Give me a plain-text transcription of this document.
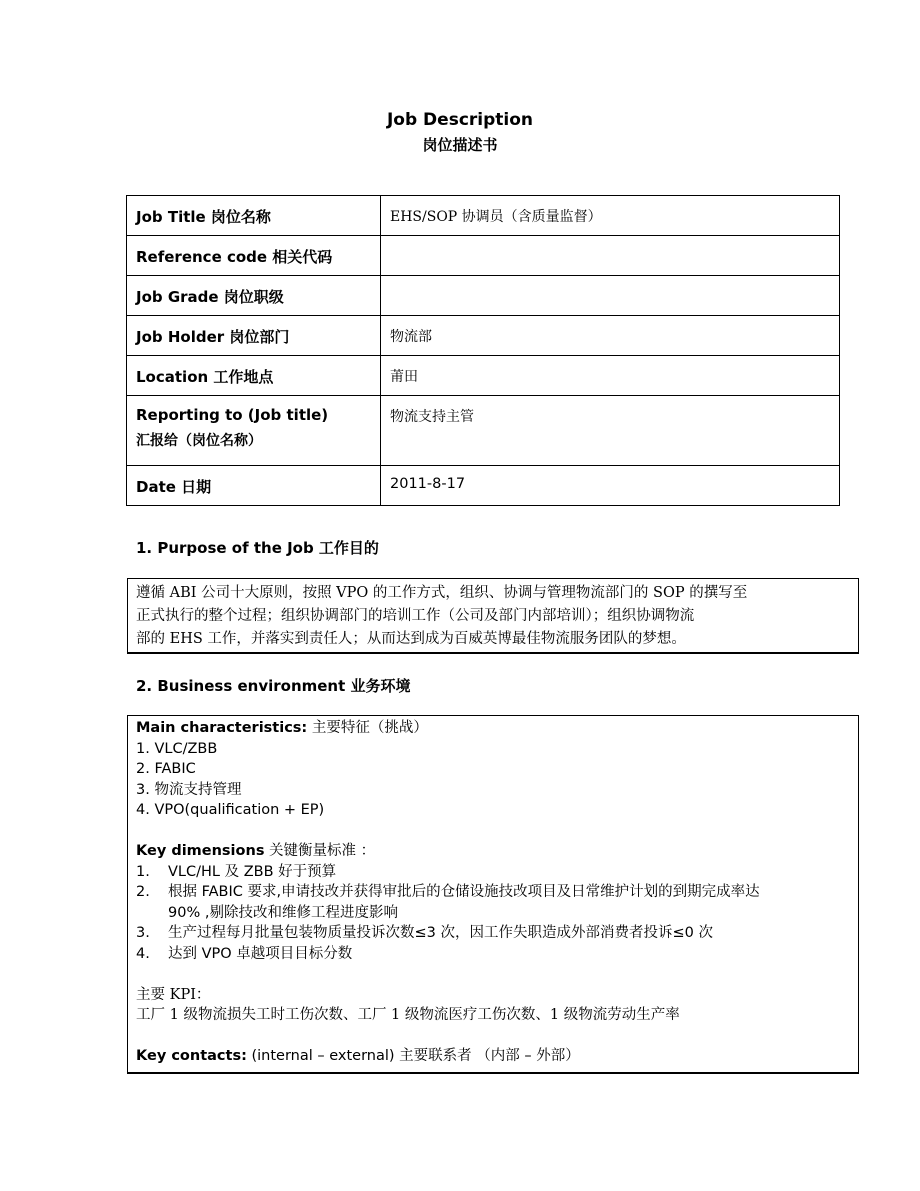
Job Description
岗位描述书
Job Title 岗位名称	EHS/SOP 协调员（含质量监督）
Reference code 相关代码	
Job Grade 岗位职级	
Job Holder 岗位部门	物流部
Location 工作地点	莆田
Reporting to (Job title)
汇报给（岗位名称）	物流支持主管
Date 日期	2011-8-17
1. Purpose of the Job 工作目的
遵循 ABI 公司十大原则，按照 VPO 的工作方式，组织、协调与管理物流部门的 SOP 的撰写至
正式执行的整个过程；组织协调部门的培训工作（公司及部门内部培训）；组织协调物流
部的 EHS 工作，并落实到责任人；从而达到成为百威英博最佳物流服务团队的梦想。
2. Business environment 业务环境
Main characteristics: 主要特征（挑战）
1. VLC/ZBB
2. FABIC
3. 物流支持管理
4. VPO(qualification + EP)
Key dimensions 关键衡量标准 ：
1.	VLC/HL 及 ZBB 好于预算
2.	根据 FABIC 要求,申请技改并获得审批后的仓储设施技改项目及日常维护计划的到期完成率达
90% ,剔除技改和维修工程进度影响
3.	生产过程每月批量包装物质量投诉次数≤3 次，因工作失职造成外部消费者投诉≤0 次
4.	达到 VPO 卓越项目目标分数
主要 KPI：
工厂 1 级物流损失工时工伤次数、工厂 1 级物流医疗工伤次数、1 级物流劳动生产率
Key contacts: (internal – external) 主要联系者 （内部 – 外部）
